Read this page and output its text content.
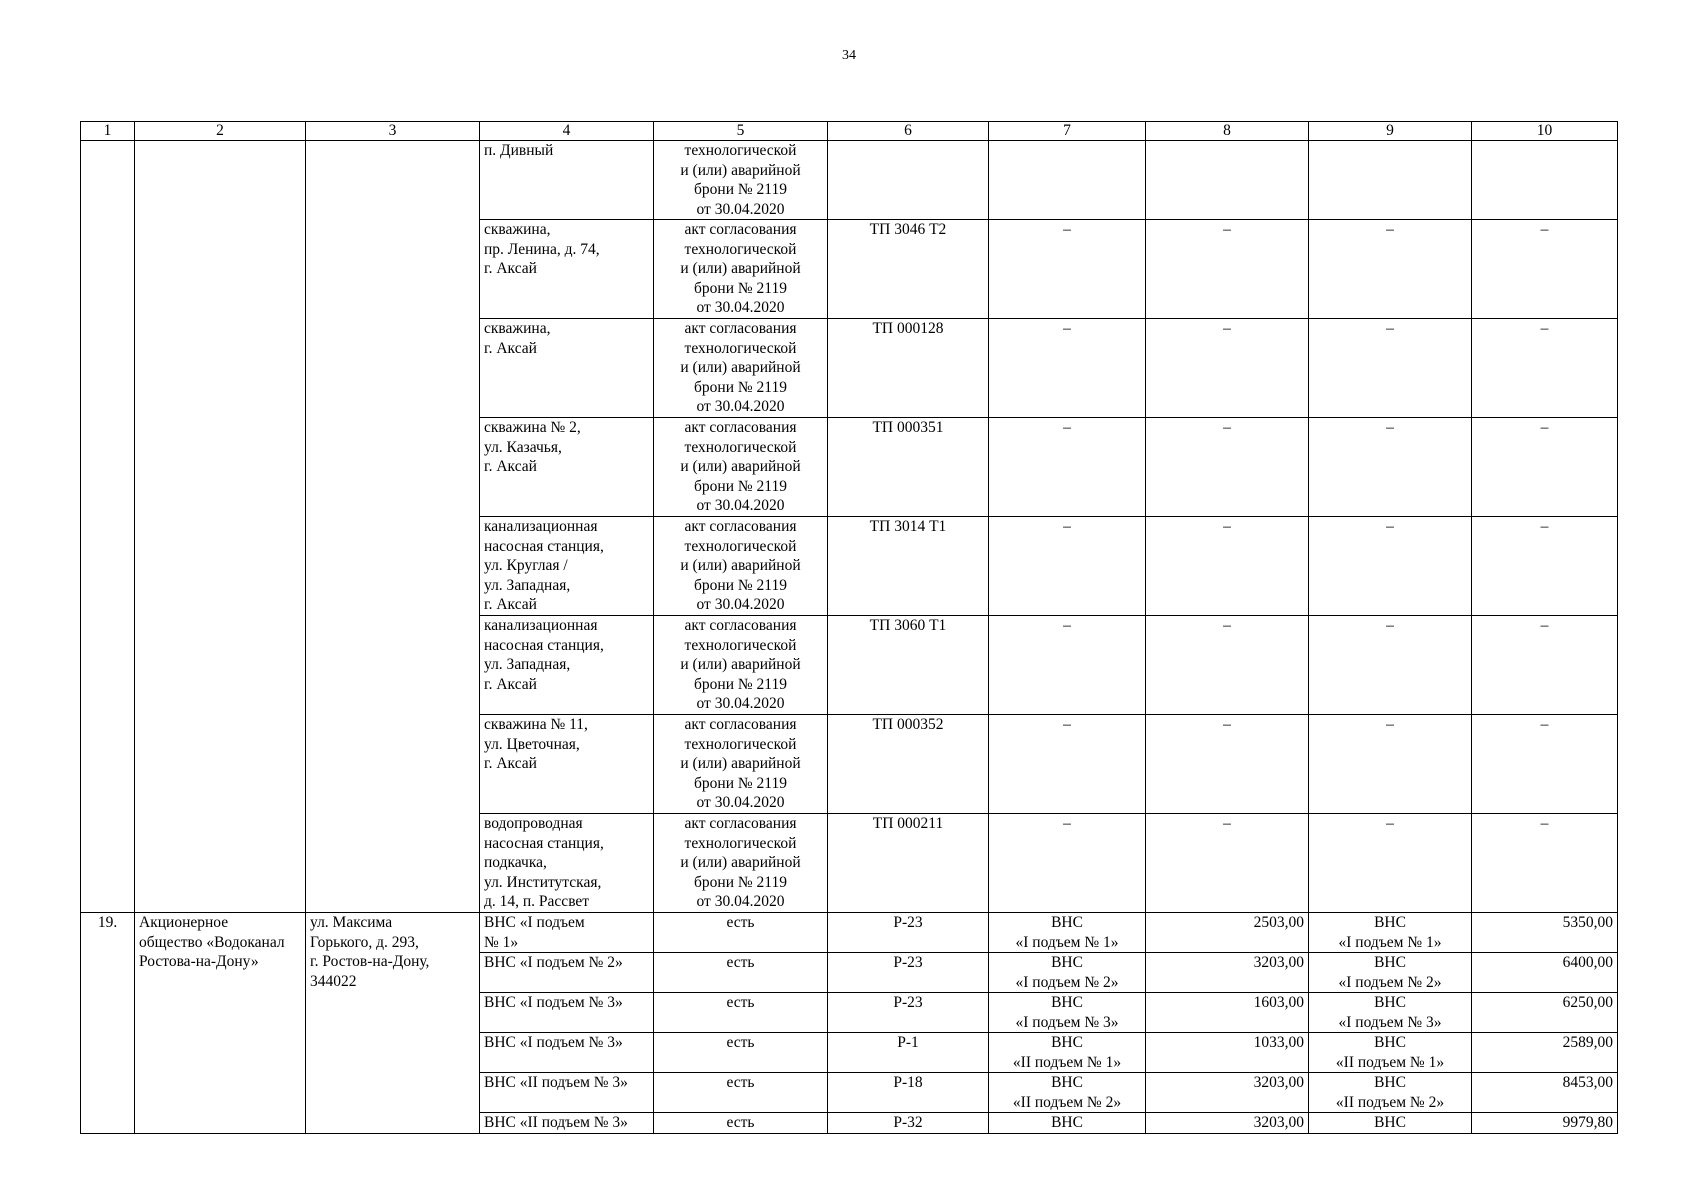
34
1	2	3	4	5	6	7	8	9	10
			п. Дивный	технологической
и (или) аварийной
брони № 2119
от 30.04.2020					
			скважина,
пр. Ленина, д. 74,
г. Аксай	акт согласования
технологической
и (или) аварийной
брони № 2119
от 30.04.2020	ТП 3046 Т2	–	–	–	–
			скважина,
г. Аксай	акт согласования
технологической
и (или) аварийной
брони № 2119
от 30.04.2020	ТП 000128	–	–	–	–
			скважина № 2,
ул. Казачья,
г. Аксай	акт согласования
технологической
и (или) аварийной
брони № 2119
от 30.04.2020	ТП 000351	–	–	–	–
			канализационная
насосная станция,
ул. Круглая /
ул. Западная,
г. Аксай	акт согласования
технологической
и (или) аварийной
брони № 2119
от 30.04.2020	ТП 3014 Т1	–	–	–	–
			канализационная
насосная станция,
ул. Западная,
г. Аксай	акт согласования
технологической
и (или) аварийной
брони № 2119
от 30.04.2020	ТП 3060 Т1	–	–	–	–
			скважина № 11,
ул. Цветочная,
г. Аксай	акт согласования
технологической
и (или) аварийной
брони № 2119
от 30.04.2020	ТП 000352	–	–	–	–
			водопроводная
насосная станция,
подкачка,
ул. Институтская,
д. 14, п. Рассвет	акт согласования
технологической
и (или) аварийной
брони № 2119
от 30.04.2020	ТП 000211	–	–	–	–
19.	Акционерное
общество «Водоканал
Ростова-на-Дону»	ул. Максима
Горького, д. 293,
г. Ростов-на-Дону,
344022	ВНС «I подъем
№ 1»	есть	Р-23	ВНС
«I подъем № 1»	2503,00	ВНС
«I подъем № 1»	5350,00
			ВНС «I подъем № 2»	есть	Р-23	ВНС
«I подъем № 2»	3203,00	ВНС
«I подъем № 2»	6400,00
			ВНС «I подъем № 3»	есть	Р-23	ВНС
«I подъем № 3»	1603,00	ВНС
«I подъем № 3»	6250,00
			ВНС «I подъем № 3»	есть	Р-1	ВНС
«II подъем № 1»	1033,00	ВНС
«II подъем № 1»	2589,00
			ВНС «II подъем № 3»	есть	Р-18	ВНС
«II подъем № 2»	3203,00	ВНС
«II подъем № 2»	8453,00
			ВНС «II подъем № 3»	есть	Р-32	ВНС	3203,00	ВНС	9979,80
